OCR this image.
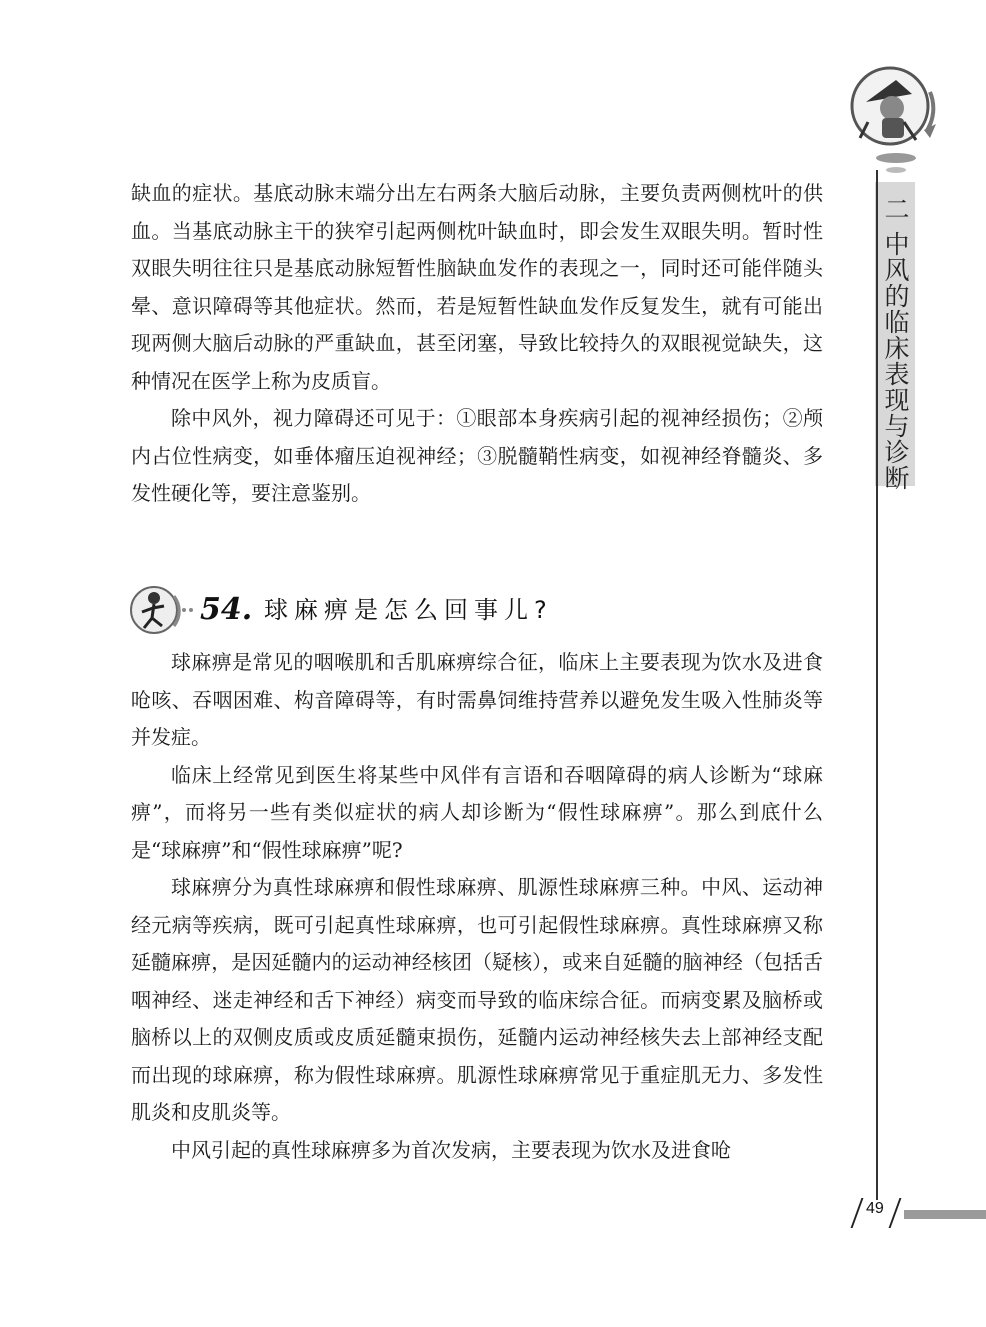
二 中风的临床表现与诊断

缺血的症状。基底动脉末端分出左右两条大脑后动脉，主要负责两侧枕叶的供血。当基底动脉主干的狭窄引起两侧枕叶缺血时，即会发生双眼失明。暂时性双眼失明往往只是基底动脉短暂性脑缺血发作的表现之一，同时还可能伴随头晕、意识障碍等其他症状。然而，若是短暂性缺血发作反复发生，就有可能出现两侧大脑后动脉的严重缺血，甚至闭塞，导致比较持久的双眼视觉缺失，这种情况在医学上称为皮质盲。

除中风外，视力障碍还可见于：①眼部本身疾病引起的视神经损伤；②颅内占位性病变，如垂体瘤压迫视神经；③脱髓鞘性病变，如视神经脊髓炎、多发性硬化等，要注意鉴别。

54. 球麻痹是怎么回事儿?

球麻痹是常见的咽喉肌和舌肌麻痹综合征，临床上主要表现为饮水及进食呛咳、吞咽困难、构音障碍等，有时需鼻饲维持营养以避免发生吸入性肺炎等并发症。

临床上经常见到医生将某些中风伴有言语和吞咽障碍的病人诊断为“球麻痹”，而将另一些有类似症状的病人却诊断为“假性球麻痹”。那么到底什么是“球麻痹”和“假性球麻痹”呢?

球麻痹分为真性球麻痹和假性球麻痹、肌源性球麻痹三种。中风、运动神经元病等疾病，既可引起真性球麻痹，也可引起假性球麻痹。真性球麻痹又称延髓麻痹，是因延髓内的运动神经核团（疑核），或来自延髓的脑神经（包括舌咽神经、迷走神经和舌下神经）病变而导致的临床综合征。而病变累及脑桥或脑桥以上的双侧皮质或皮质延髓束损伤，延髓内运动神经核失去上部神经支配而出现的球麻痹，称为假性球麻痹。肌源性球麻痹常见于重症肌无力、多发性肌炎和皮肌炎等。

中风引起的真性球麻痹多为首次发病，主要表现为饮水及进食呛

49
